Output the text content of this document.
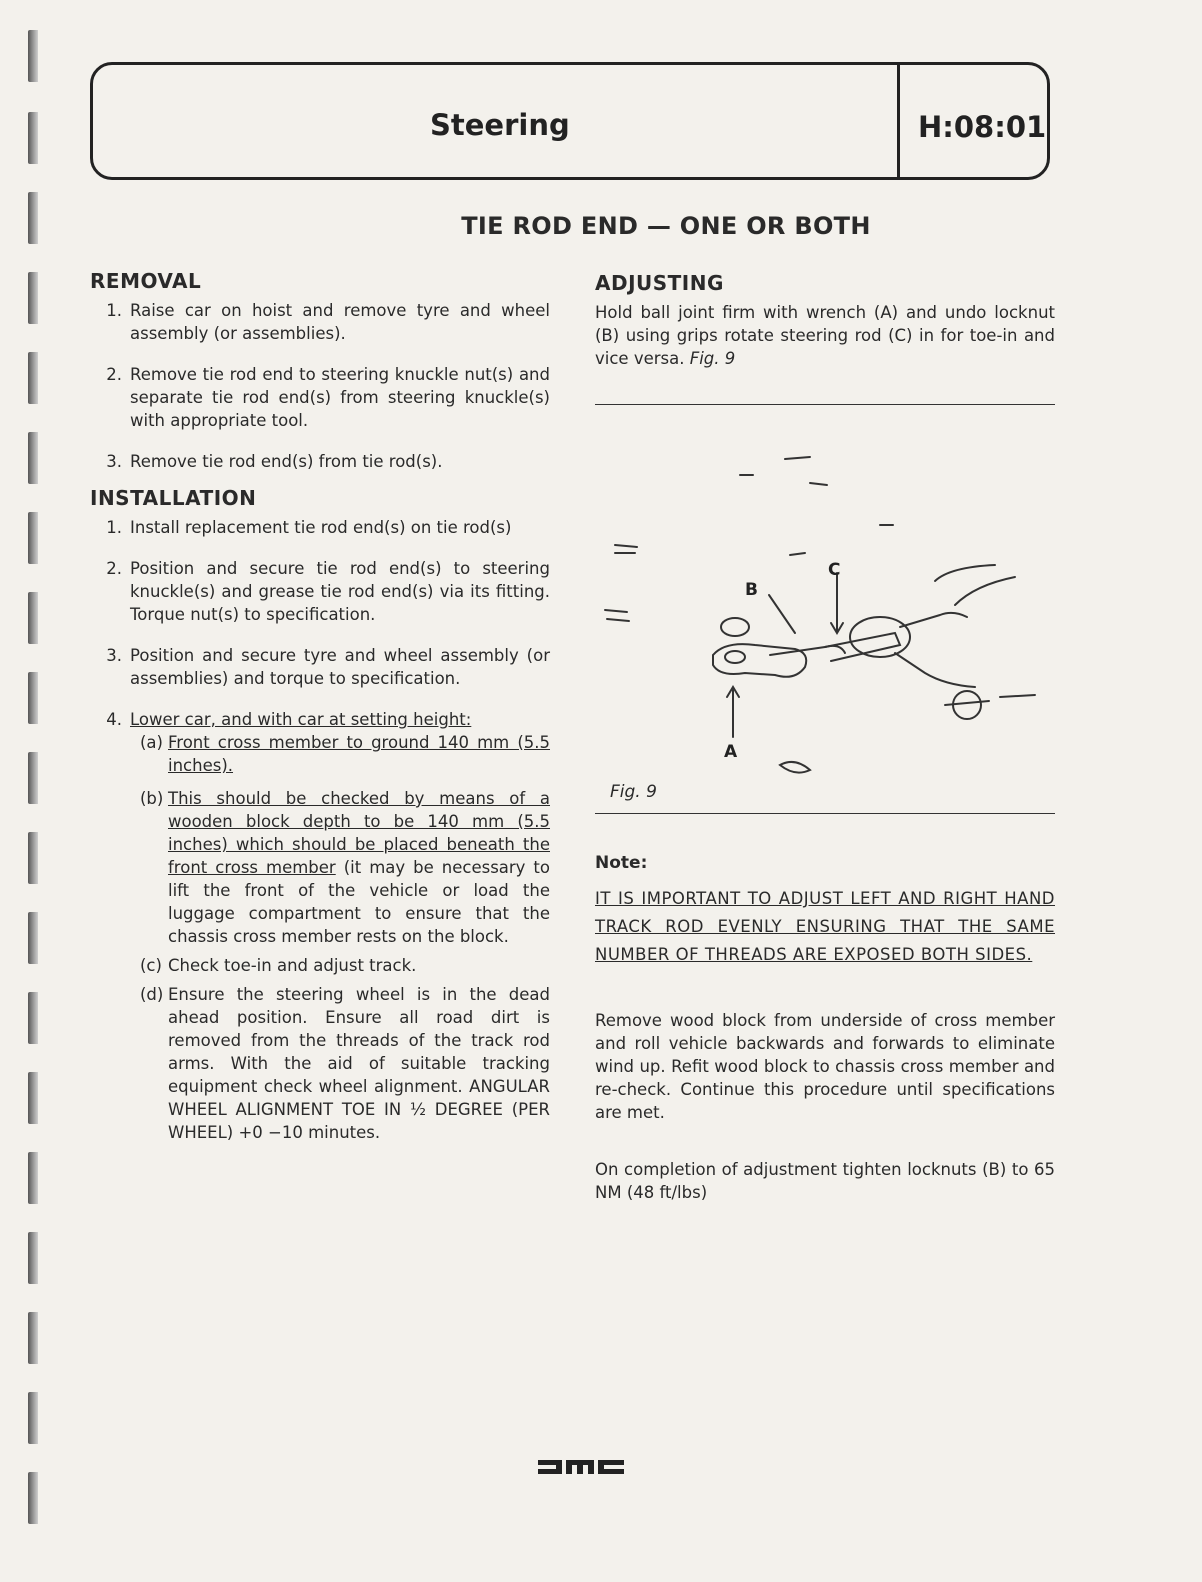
Steering	H:08:01
TIE ROD END — ONE OR BOTH
REMOVAL
1. Raise car on hoist and remove tyre and wheel assembly (or assemblies).
2. Remove tie rod end to steering knuckle nut(s) and separate tie rod end(s) from steering knuckle(s) with appropriate tool.
3. Remove tie rod end(s) from tie rod(s).
INSTALLATION
1. Install replacement tie rod end(s) on tie rod(s)
2. Position and secure tie rod end(s) to steering knuckle(s) and grease tie rod end(s) via its fitting. Torque nut(s) to specification.
3. Position and secure tyre and wheel assembly (or assemblies) and torque to specification.
4. Lower car, and with car at setting height:
(a) Front cross member to ground 140 mm (5.5 inches).
(b) This should be checked by means of a wooden block depth to be 140 mm (5.5 inches) which should be placed beneath the front cross member (it may be necessary to lift the front of the vehicle or load the luggage compartment to ensure that the chassis cross member rests on the block.
(c) Check toe-in and adjust track.
(d) Ensure the steering wheel is in the dead ahead position. Ensure all road dirt is removed from the threads of the track rod arms. With the aid of suitable tracking equipment check wheel alignment. ANGULAR WHEEL ALIGNMENT TOE IN ½ DEGREE (PER WHEEL) +0 −10 minutes.
ADJUSTING
Hold ball joint firm with wrench (A) and undo locknut (B) using grips rotate steering rod (C) in for toe-in and vice versa. Fig. 9
B
C
A
Fig. 9
Note:
IT IS IMPORTANT TO ADJUST LEFT AND RIGHT HAND TRACK ROD EVENLY ENSURING THAT THE SAME NUMBER OF THREADS ARE EXPOSED BOTH SIDES.
Remove wood block from underside of cross member and roll vehicle backwards and forwards to eliminate wind up. Refit wood block to chassis cross member and re-check. Continue this procedure until specifications are met.
On completion of adjustment tighten locknuts (B) to 65 NM (48 ft/lbs)
